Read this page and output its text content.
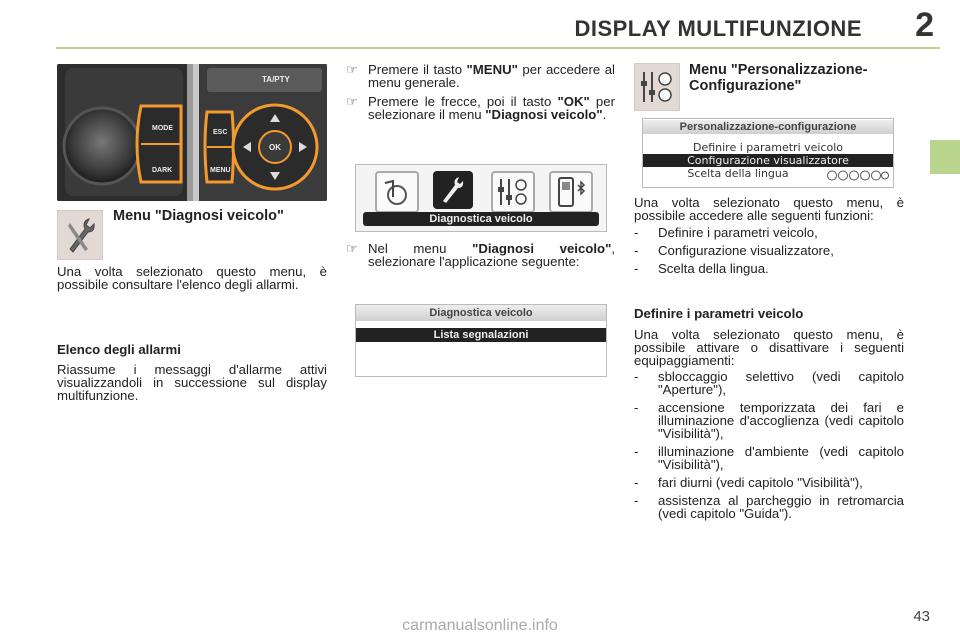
DISPLAY MULTIFUNZIONE 2
TA/PTY
MODE
DARK
ESC
MENU
OK
Menu "Diagnosi veicolo"

Una volta selezionato questo menu, è possibile consultare l'elenco degli allarmi.

Elenco degli allarmi

Riassume i messaggi d'allarme attivi visualizzandoli in successione sul display multifunzione.

☞ Premere il tasto "MENU" per accedere al menu generale.
☞ Premere le frecce, poi il tasto "OK" per selezionare il menu "Diagnosi veicolo".
Diagnostica veicolo
☞ Nel menu "Diagnosi veicolo", selezionare l'applicazione seguente:
Diagnostica veicolo
Lista segnalazioni
Menu "Personalizzazione-Configurazione"
Personalizzazione-configurazione
Definire i parametri veicolo
Configurazione visualizzatore
Scelta della lingua

Una volta selezionato questo menu, è possibile accedere alle seguenti funzioni:

- Definire i parametri veicolo,
- Configurazione visualizzatore,
- Scelta della lingua.

Definire i parametri veicolo

Una volta selezionato questo menu, è possibile attivare o disattivare i seguenti equipaggiamenti:

- sbloccaggio selettivo (vedi capitolo "Aperture"),
- accensione temporizzata dei fari e illuminazione d'accoglienza (vedi capitolo "Visibilità"),
- illuminazione d'ambiente (vedi capitolo "Visibilità"),
- fari diurni (vedi capitolo "Visibilità"),
- assistenza al parcheggio in retromarcia (vedi capitolo "Guida").
43
carmanualsonline.info
